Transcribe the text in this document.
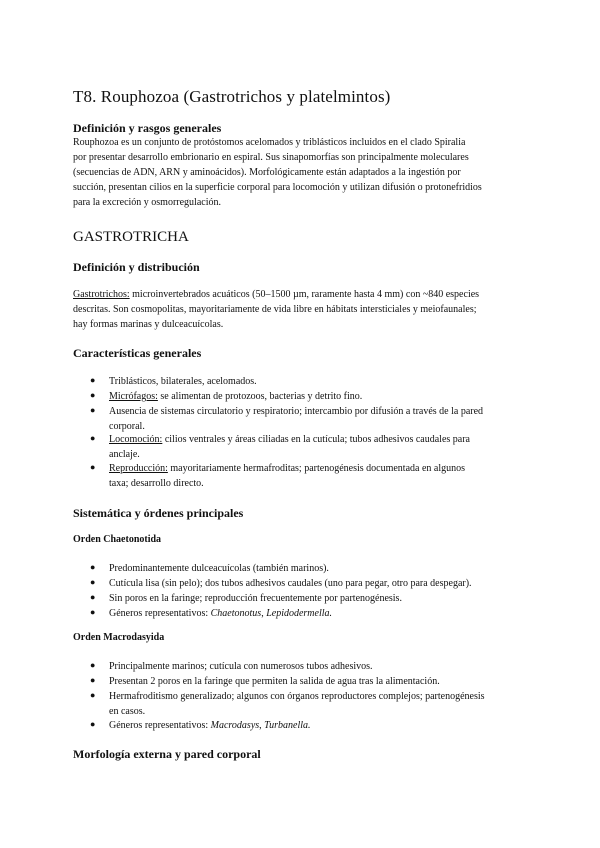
T8. Rouphozoa (Gastrotrichos y platelmintos)
Definición y rasgos generales

Rouphozoa es un conjunto de protóstomos acelomados y triblásticos incluidos en el clado Spiralia

por presentar desarrollo embrionario en espiral. Sus sinapomorfías son principalmente moleculares

(secuencias de ADN, ARN y aminoácidos). Morfológicamente están adaptados a la ingestión por

succión, presentan cilios en la superficie corporal para locomoción y utilizan difusión o protonefridios

para la excreción y osmorregulación.

GASTROTRICHA
Definición y distribución

Gastrotrichos: microinvertebrados acuáticos (50–1500 µm, raramente hasta 4 mm) con ~840 especies

descritas. Son cosmopolitas, mayoritariamente de vida libre en hábitats intersticiales y meiofaunales;

hay formas marinas y dulceacuícolas.

Características generales
● Triblásticos, bilaterales, acelomados.

● Micrófagos: se alimentan de protozoos, bacterias y detrito fino.

● Ausencia de sistemas circulatorio y respiratorio; intercambio por difusión a través de la pared

corporal.

● Locomoción: cilios ventrales y áreas ciliadas en la cutícula; tubos adhesivos caudales para

anclaje.

● Reproducción: mayoritariamente hermafroditas; partenogénesis documentada en algunos

taxa; desarrollo directo.

Sistemática y órdenes principales
Orden Chaetonotida
● Predominantemente dulceacuícolas (también marinos).

● Cutícula lisa (sin pelo); dos tubos adhesivos caudales (uno para pegar, otro para despegar).

● Sin poros en la faringe; reproducción frecuentemente por partenogénesis.

● Géneros representativos: Chaetonotus, Lepidodermella.

Orden Macrodasyida
● Principalmente marinos; cutícula con numerosos tubos adhesivos.

● Presentan 2 poros en la faringe que permiten la salida de agua tras la alimentación.

● Hermafroditismo generalizado; algunos con órganos reproductores complejos; partenogénesis

en casos.

● Géneros representativos: Macrodasys, Turbanella.

Morfología externa y pared corporal
